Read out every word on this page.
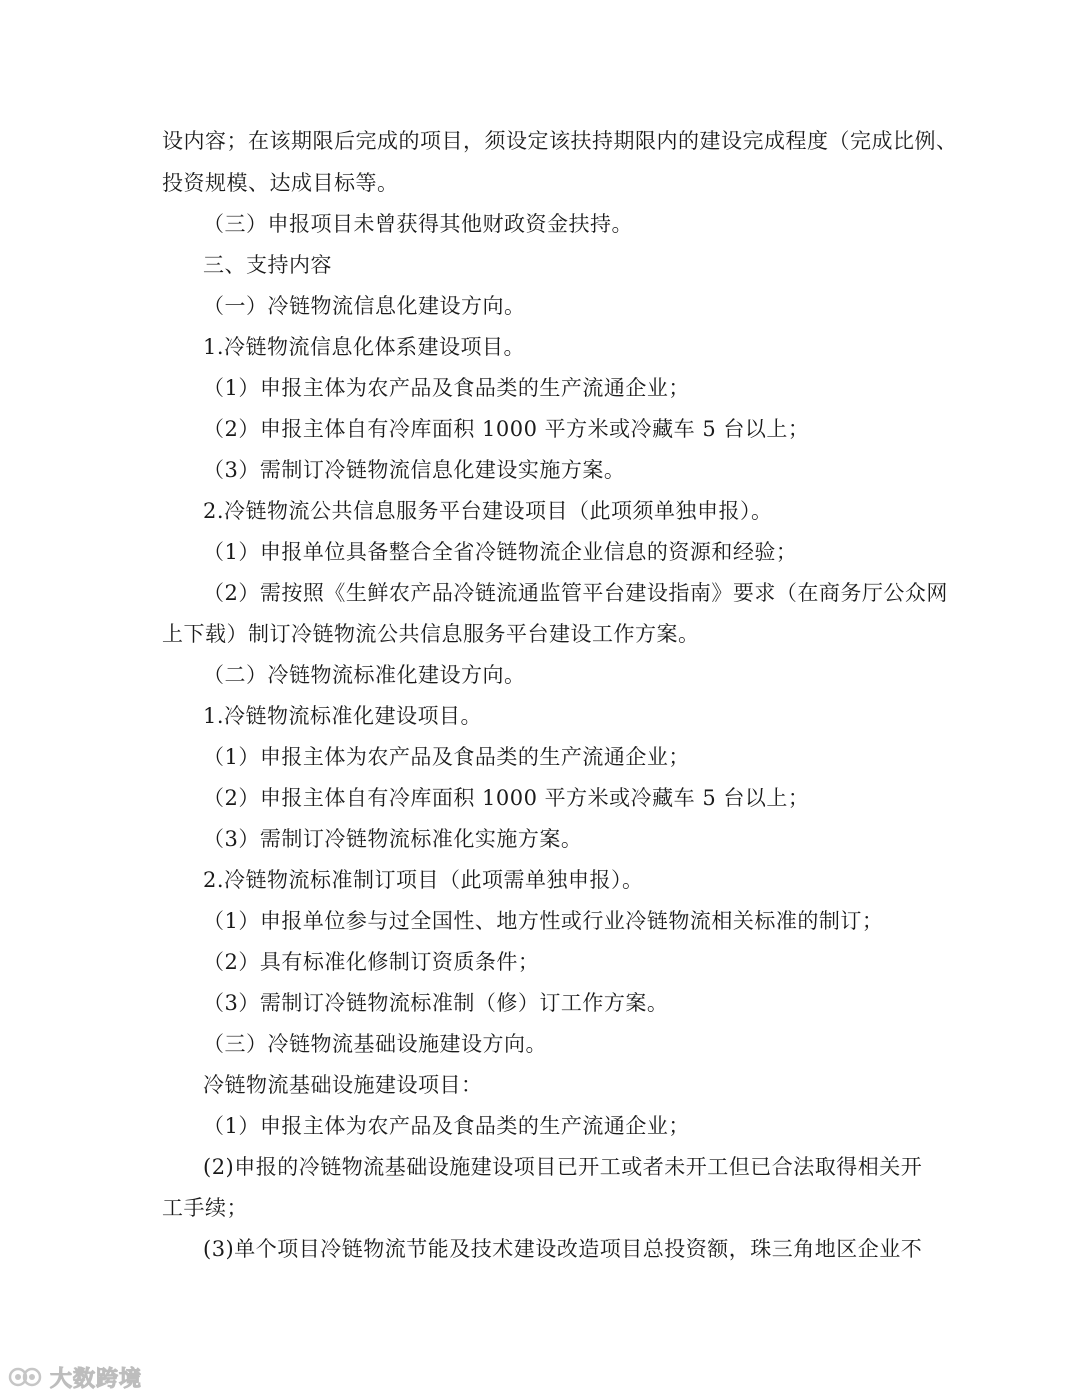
设内容；在该期限后完成的项目，须设定该扶持期限内的建设完成程度（完成比例、
投资规模、达成目标等。
（三）申报项目未曾获得其他财政资金扶持。
三、支持内容
（一）冷链物流信息化建设方向。
1.冷链物流信息化体系建设项目。
（1）申报主体为农产品及食品类的生产流通企业；
（2）申报主体自有冷库面积 1000 平方米或冷藏车 5 台以上；
（3）需制订冷链物流信息化建设实施方案。
2.冷链物流公共信息服务平台建设项目（此项须单独申报）。
（1）申报单位具备整合全省冷链物流企业信息的资源和经验；
（2）需按照《生鲜农产品冷链流通监管平台建设指南》要求（在商务厅公众网
上下载）制订冷链物流公共信息服务平台建设工作方案。
（二）冷链物流标准化建设方向。
1.冷链物流标准化建设项目。
（1）申报主体为农产品及食品类的生产流通企业；
（2）申报主体自有冷库面积 1000 平方米或冷藏车 5 台以上；
（3）需制订冷链物流标准化实施方案。
2.冷链物流标准制订项目（此项需单独申报）。
（1）申报单位参与过全国性、地方性或行业冷链物流相关标准的制订；
（2）具有标准化修制订资质条件；
（3）需制订冷链物流标准制（修）订工作方案。
（三）冷链物流基础设施建设方向。
冷链物流基础设施建设项目：
（1）申报主体为农产品及食品类的生产流通企业；
(2)申报的冷链物流基础设施建设项目已开工或者未开工但已合法取得相关开
工手续；
(3)单个项目冷链物流节能及技术建设改造项目总投资额，珠三角地区企业不
大数跨境
